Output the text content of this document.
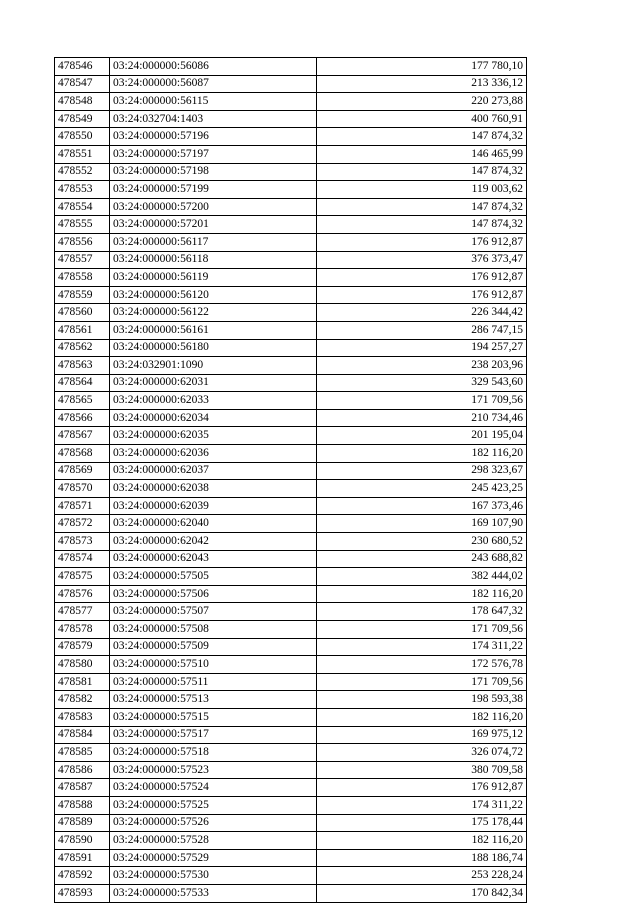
478546	03:24:000000:56086	177 780,10
478547	03:24:000000:56087	213 336,12
478548	03:24:000000:56115	220 273,88
478549	03:24:032704:1403	400 760,91
478550	03:24:000000:57196	147 874,32
478551	03:24:000000:57197	146 465,99
478552	03:24:000000:57198	147 874,32
478553	03:24:000000:57199	119 003,62
478554	03:24:000000:57200	147 874,32
478555	03:24:000000:57201	147 874,32
478556	03:24:000000:56117	176 912,87
478557	03:24:000000:56118	376 373,47
478558	03:24:000000:56119	176 912,87
478559	03:24:000000:56120	176 912,87
478560	03:24:000000:56122	226 344,42
478561	03:24:000000:56161	286 747,15
478562	03:24:000000:56180	194 257,27
478563	03:24:032901:1090	238 203,96
478564	03:24:000000:62031	329 543,60
478565	03:24:000000:62033	171 709,56
478566	03:24:000000:62034	210 734,46
478567	03:24:000000:62035	201 195,04
478568	03:24:000000:62036	182 116,20
478569	03:24:000000:62037	298 323,67
478570	03:24:000000:62038	245 423,25
478571	03:24:000000:62039	167 373,46
478572	03:24:000000:62040	169 107,90
478573	03:24:000000:62042	230 680,52
478574	03:24:000000:62043	243 688,82
478575	03:24:000000:57505	382 444,02
478576	03:24:000000:57506	182 116,20
478577	03:24:000000:57507	178 647,32
478578	03:24:000000:57508	171 709,56
478579	03:24:000000:57509	174 311,22
478580	03:24:000000:57510	172 576,78
478581	03:24:000000:57511	171 709,56
478582	03:24:000000:57513	198 593,38
478583	03:24:000000:57515	182 116,20
478584	03:24:000000:57517	169 975,12
478585	03:24:000000:57518	326 074,72
478586	03:24:000000:57523	380 709,58
478587	03:24:000000:57524	176 912,87
478588	03:24:000000:57525	174 311,22
478589	03:24:000000:57526	175 178,44
478590	03:24:000000:57528	182 116,20
478591	03:24:000000:57529	188 186,74
478592	03:24:000000:57530	253 228,24
478593	03:24:000000:57533	170 842,34
